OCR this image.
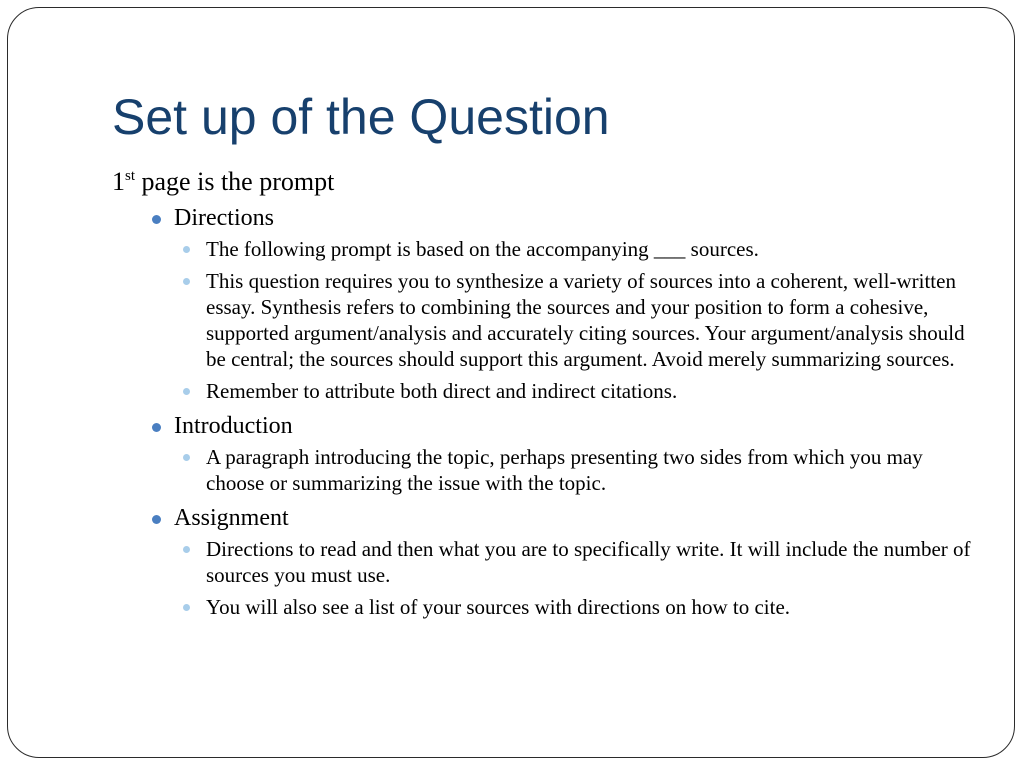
Set up of the Question

1st page is the prompt

Directions
The following prompt is based on the accompanying ___ sources.
This question requires you to synthesize a variety of sources into a coherent, well-written essay. Synthesis refers to combining the sources and your position to form a cohesive, supported argument/analysis and accurately citing sources. Your argument/analysis should be central; the sources should support this argument. Avoid merely summarizing sources.
Remember to attribute both direct and indirect citations.
Introduction
A paragraph introducing the topic, perhaps presenting two sides from which you may choose or summarizing the issue with the topic.
Assignment
Directions to read and then what you are to specifically write. It will include the number of sources you must use.
You will also see a list of your sources with directions on how to cite.
